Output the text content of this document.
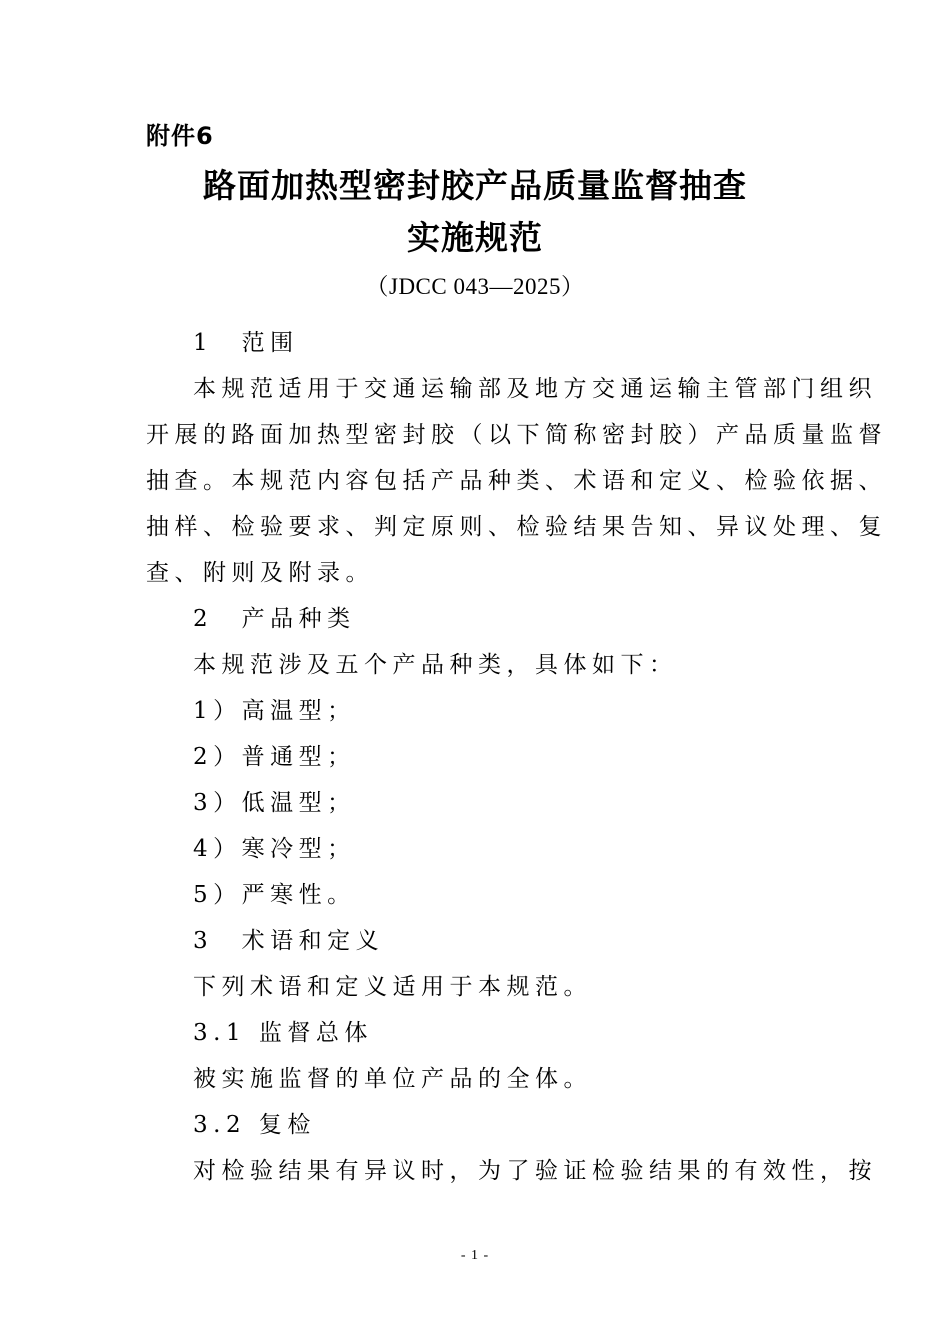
附件6
路面加热型密封胶产品质量监督抽查
实施规范
（JDCC 043—2025）
1　范围
本规范适用于交通运输部及地方交通运输主管部门组织
开展的路面加热型密封胶（以下简称密封胶）产品质量监督
抽查。本规范内容包括产品种类、术语和定义、检验依据、
抽样、检验要求、判定原则、检验结果告知、异议处理、复
查、附则及附录。
2　产品种类
本规范涉及五个产品种类，具体如下：
1）高温型；
2）普通型；
3）低温型；
4）寒冷型；
5）严寒性。
3　术语和定义
下列术语和定义适用于本规范。
3.1 监督总体
被实施监督的单位产品的全体。
3.2 复检
对检验结果有异议时，为了验证检验结果的有效性，按
- 1 -
